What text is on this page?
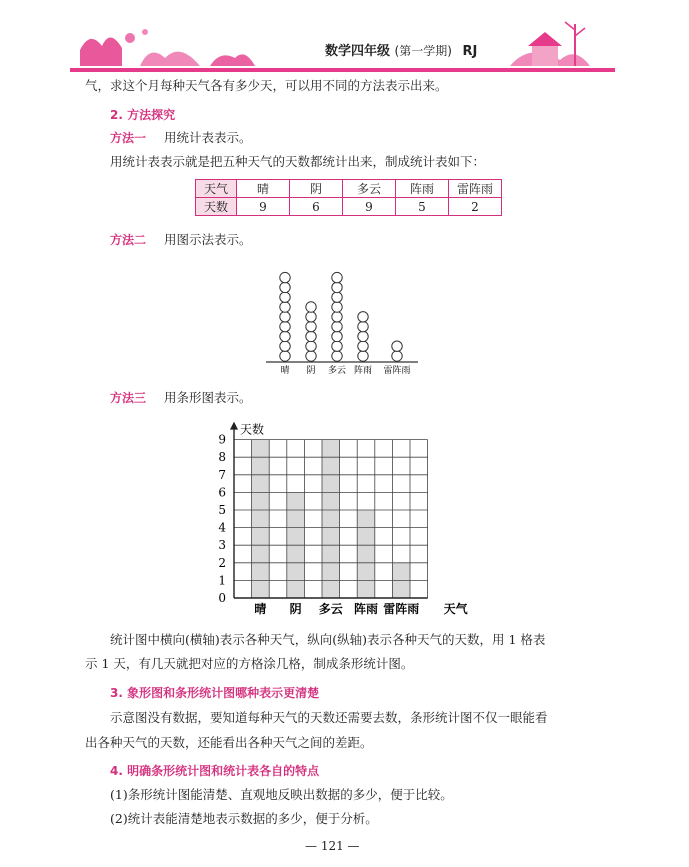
数学四年级 (第一学期) RJ
气，求这个月每种天气各有多少天，可以用不同的方法表示出来。
2. 方法探究
方法一 用统计表表示。
用统计表表示就是把五种天气的天数都统计出来，制成统计表如下：
天气	晴	阴	多云	阵雨	雷阵雨
天数	9	6	9	5	2
方法二 用图示法表示。
晴 阴 多云 阵雨 雷阵雨
方法三 用条形图表示。
0
1
2
3
4
5
6
7
8
9
天数
晴 阴 多云 阵雨 雷阵雨 天气
统计图中横向(横轴)表示各种天气，纵向(纵轴)表示各种天气的天数，用 1 格表
示 1 天，有几天就把对应的方格涂几格，制成条形统计图。
3. 象形图和条形统计图哪种表示更清楚
示意图没有数据，要知道每种天气的天数还需要去数，条形统计图不仅一眼能看
出各种天气的天数，还能看出各种天气之间的差距。
4. 明确条形统计图和统计表各自的特点
(1)条形统计图能清楚、直观地反映出数据的多少，便于比较。
(2)统计表能清楚地表示数据的多少，便于分析。
— 121 —
